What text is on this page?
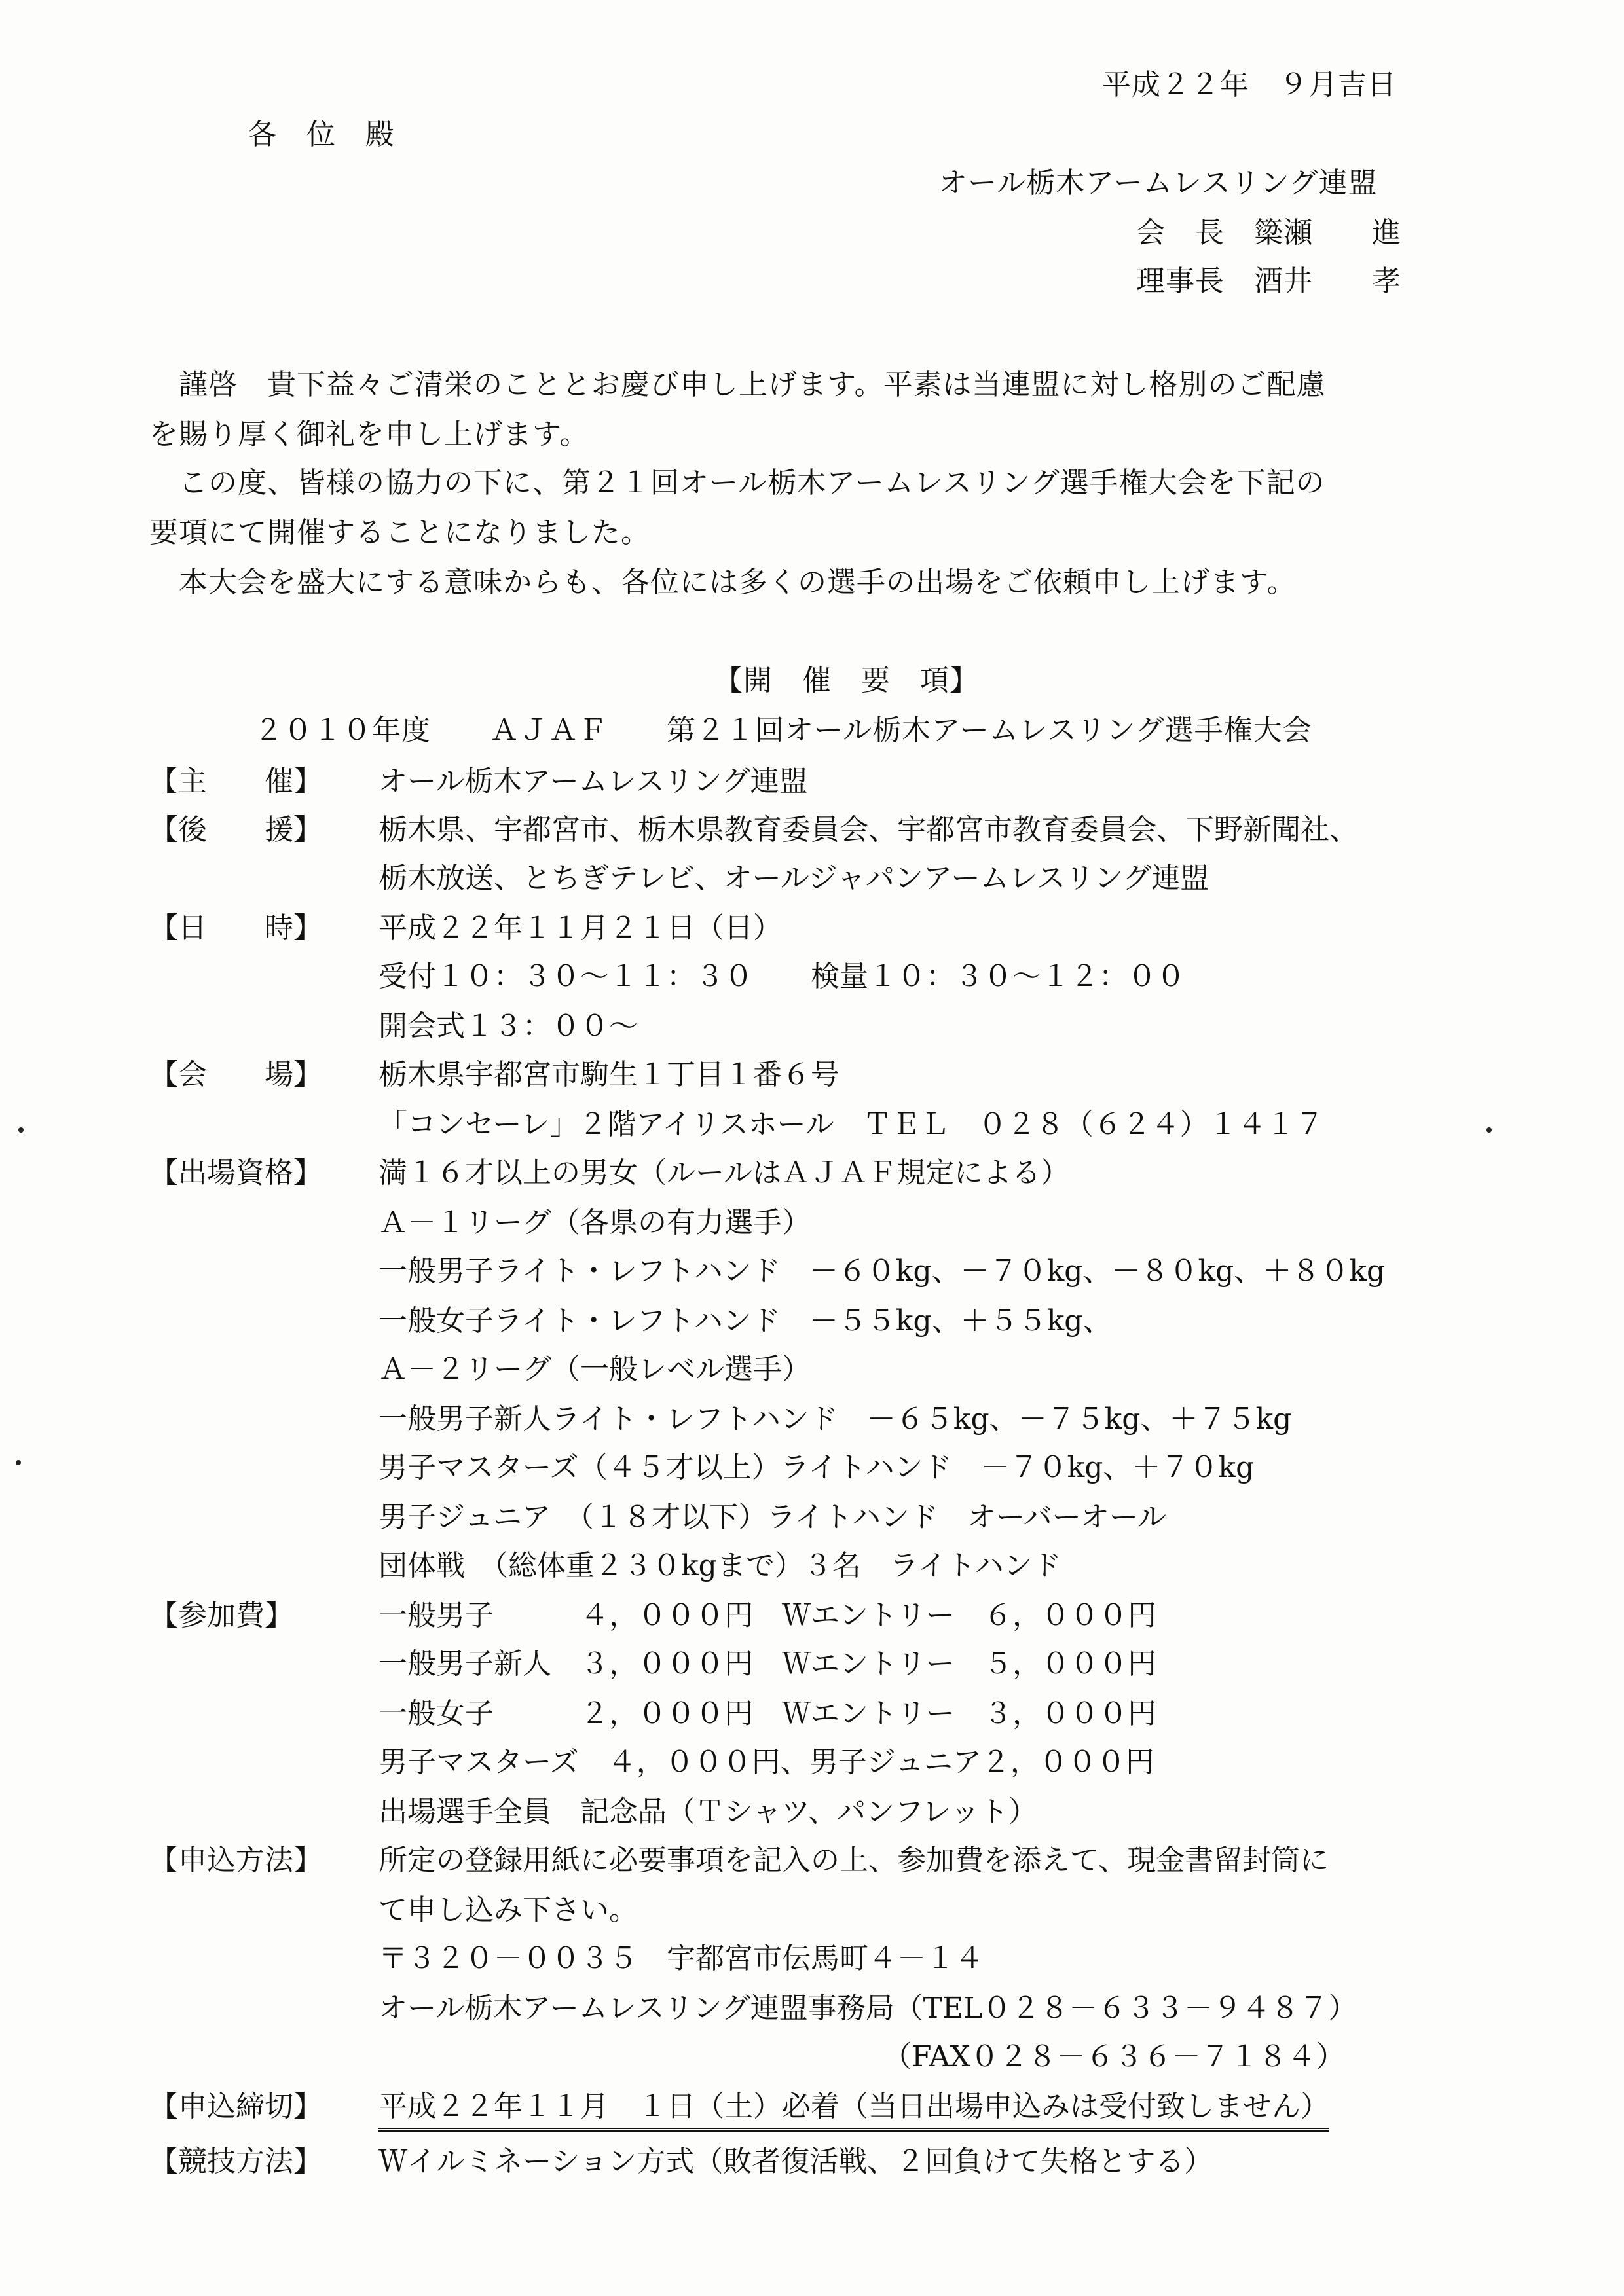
平成２２年　９月吉日
各　位　殿
オール栃木アームレスリング連盟
会　長　簗瀬　　進
理事長　酒井　　孝
　謹啓　貴下益々ご清栄のこととお慶び申し上げます。平素は当連盟に対し格別のご配慮
を賜り厚く御礼を申し上げます。
　この度、皆様の協力の下に、第２１回オール栃木アームレスリング選手権大会を下記の
要項にて開催することになりました。
　本大会を盛大にする意味からも、各位には多くの選手の出場をご依頼申し上げます。
【開　催　要　項】
２０１０年度　　ＡＪＡＦ　　第２１回オール栃木アームレスリング選手権大会
【主　　催】 オール栃木アームレスリング連盟
【後　　援】 栃木県、宇都宮市、栃木県教育委員会、宇都宮市教育委員会、下野新聞社、
栃木放送、とちぎテレビ、オールジャパンアームレスリング連盟
【日　　時】 平成２２年１１月２１日（日）
受付１０：３０～１１：３０　　検量１０：３０～１２：００
開会式１３：００～
【会　　場】 栃木県宇都宮市駒生１丁目１番６号
「コンセーレ」２階アイリスホール　ＴＥＬ　０２８（６２４）１４１７
【出場資格】 満１６才以上の男女（ルールはＡＪＡＦ規定による）
Ａ－１リーグ（各県の有力選手）
一般男子ライト・レフトハンド　－６０kg、－７０kg、－８０kg、＋８０kg
一般女子ライト・レフトハンド　－５５kg、＋５５kg、
Ａ－２リーグ（一般レベル選手）
一般男子新人ライト・レフトハンド　－６５kg、－７５kg、＋７５kg
男子マスターズ（４５才以上）ライトハンド　－７０kg、＋７０kg
男子ジュニア　（１８才以下）ライトハンド　オーバーオール
団体戦　（総体重２３０kgまで）３名　ライトハンド
【参加費】	一般男子　　　４，０００円　Ｗエントリー　６，０００円
一般男子新人　３，０００円　Ｗエントリー　５，０００円
一般女子　　　２，０００円　Ｗエントリー　３，０００円
男子マスターズ　４，０００円、男子ジュニア２，０００円
出場選手全員　記念品（Ｔシャツ、パンフレット）
【申込方法】 所定の登録用紙に必要事項を記入の上、参加費を添えて、現金書留封筒に
て申し込み下さい。
〒３２０－００３５　宇都宮市伝馬町４－１４
オール栃木アームレスリング連盟事務局（TEL０２８－６３３－９４８７）
　　　　　　　　　　　　　　　　　　（FAX０２８－６３６－７１８４）
【申込締切】 平成２２年１１月　１日（土）必着（当日出場申込みは受付致しません）
【競技方法】 Ｗイルミネーション方式（敗者復活戦、２回負けて失格とする）
